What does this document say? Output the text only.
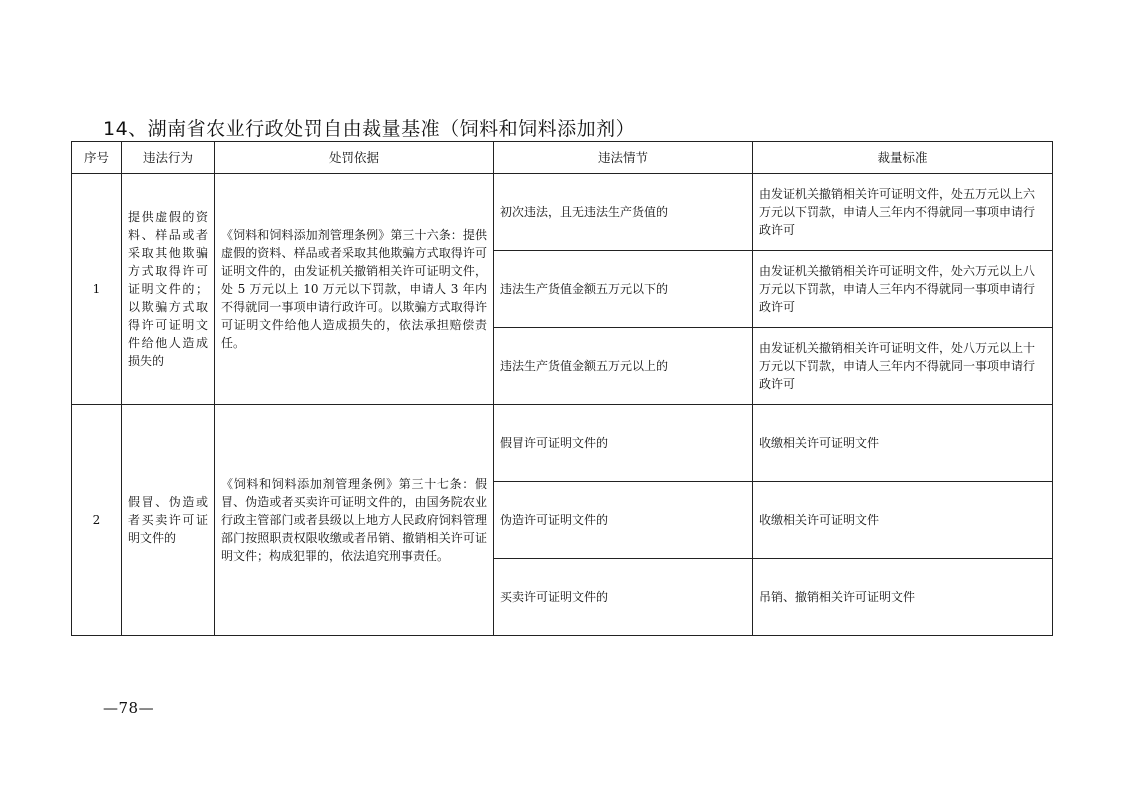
14、湖南省农业行政处罚自由裁量基准（饲料和饲料添加剂）
序号	违法行为	处罚依据	违法情节	裁量标准
1	提供虚假的资料、样品或者采取其他欺骗方式取得许可证明文件的；以欺骗方式取得许可证明文件给他人造成损失的	《饲料和饲料添加剂管理条例》第三十六条：提供虚假的资料、样品或者采取其他欺骗方式取得许可证明文件的，由发证机关撤销相关许可证明文件，处 5 万元以上 10 万元以下罚款，申请人 3 年内不得就同一事项申请行政许可。以欺骗方式取得许可证明文件给他人造成损失的，依法承担赔偿责任。	初次违法，且无违法生产货值的	由发证机关撤销相关许可证明文件，处五万元以上六万元以下罚款，申请人三年内不得就同一事项申请行政许可
			违法生产货值金额五万元以下的	由发证机关撤销相关许可证明文件，处六万元以上八万元以下罚款，申请人三年内不得就同一事项申请行政许可
			违法生产货值金额五万元以上的	由发证机关撤销相关许可证明文件，处八万元以上十万元以下罚款，申请人三年内不得就同一事项申请行政许可
2	假冒、伪造或者买卖许可证明文件的	《饲料和饲料添加剂管理条例》第三十七条：假冒、伪造或者买卖许可证明文件的，由国务院农业行政主管部门或者县级以上地方人民政府饲料管理部门按照职责权限收缴或者吊销、撤销相关许可证明文件；构成犯罪的，依法追究刑事责任。	假冒许可证明文件的	收缴相关许可证明文件
			伪造许可证明文件的	收缴相关许可证明文件
			买卖许可证明文件的	吊销、撤销相关许可证明文件
—78—
